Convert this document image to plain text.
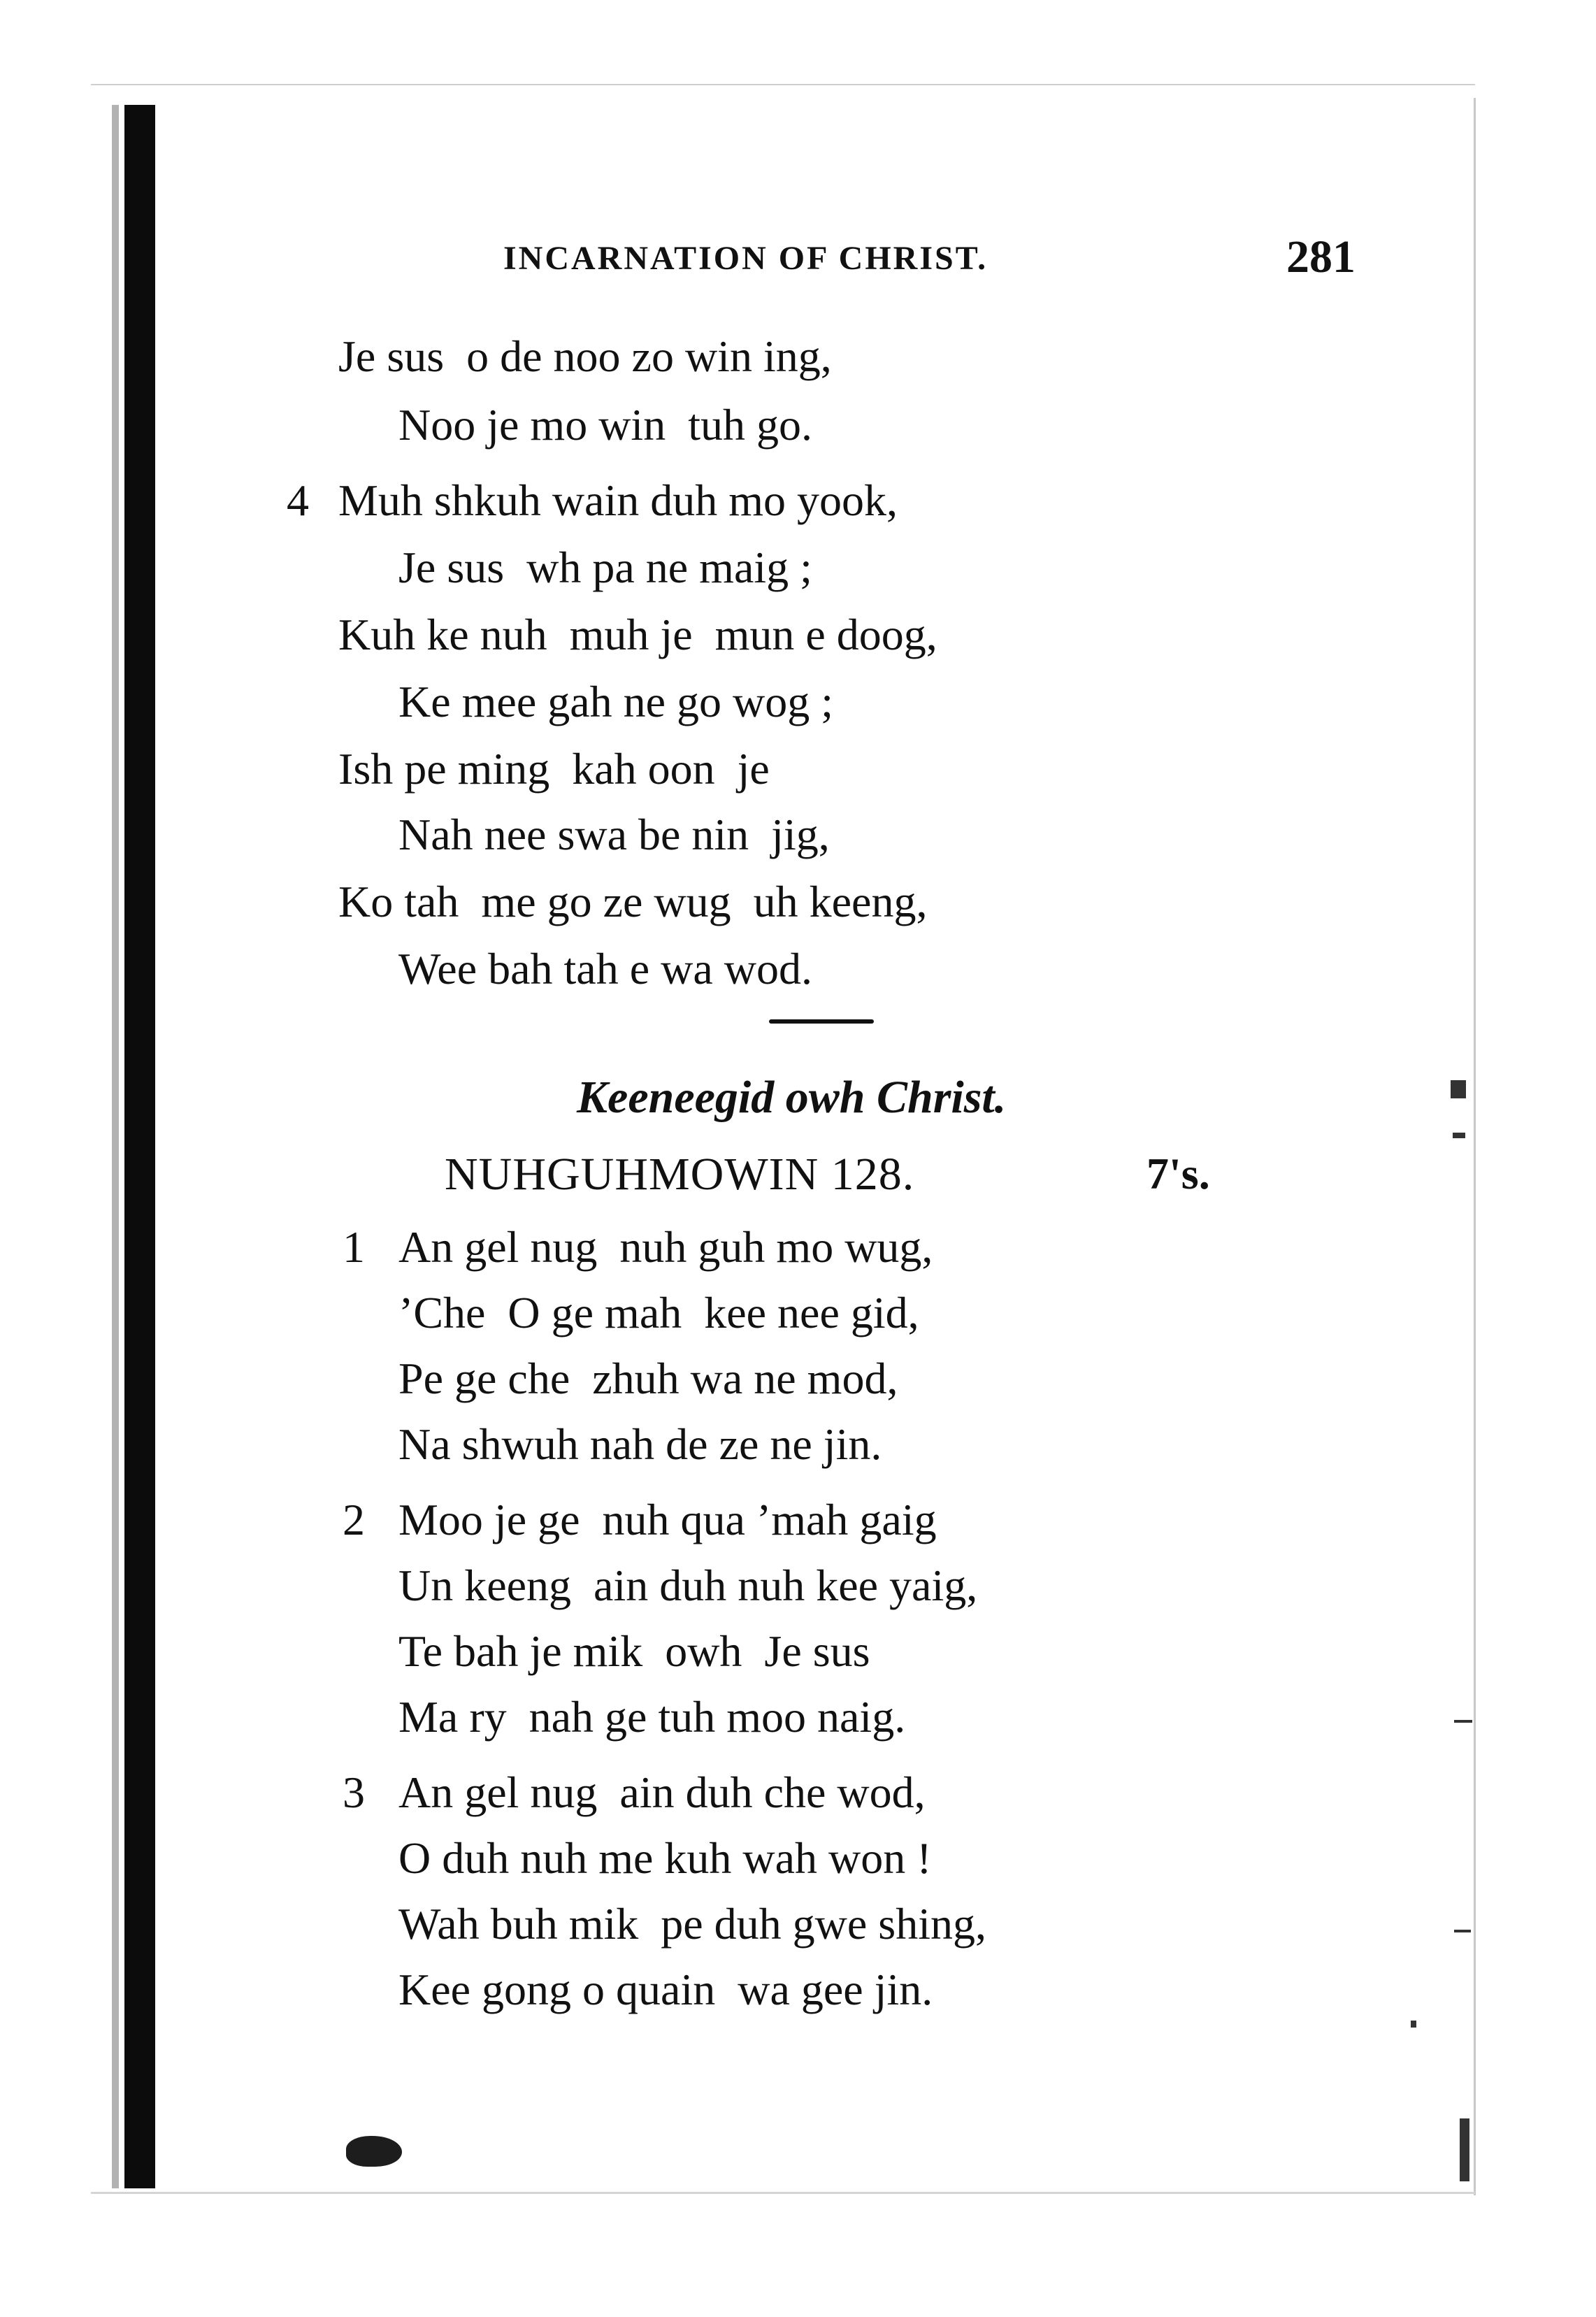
INCARNATION OF CHRIST.	281
Je sus  o de noo zo win ing,
Noo je mo win  tuh go.
4 Muh shkuh wain duh mo yook,
Je sus  wh pa ne maig ;
Kuh ke nuh  muh je  mun e doog,
Ke mee gah ne go wog ;
Ish pe ming  kah oon  je
Nah nee swa be nin  jig,
Ko tah  me go ze wug  uh keeng,
Wee bah tah e wa wod.
Keeneegid owh Christ.
NUHGUHMOWIN 128.	7's.
1 An gel nug  nuh guh mo wug,
’Che  O ge mah  kee nee gid,
Pe ge che  zhuh wa ne mod,
Na shwuh nah de ze ne jin.
2 Moo je ge  nuh qua ’mah gaig
Un keeng  ain duh nuh kee yaig,
Te bah je mik  owh  Je sus
Ma ry  nah ge tuh moo naig.
3 An gel nug  ain duh che wod,
O duh nuh me kuh wah won !
Wah buh mik  pe duh gwe shing,
Kee gong o quain  wa gee jin.
